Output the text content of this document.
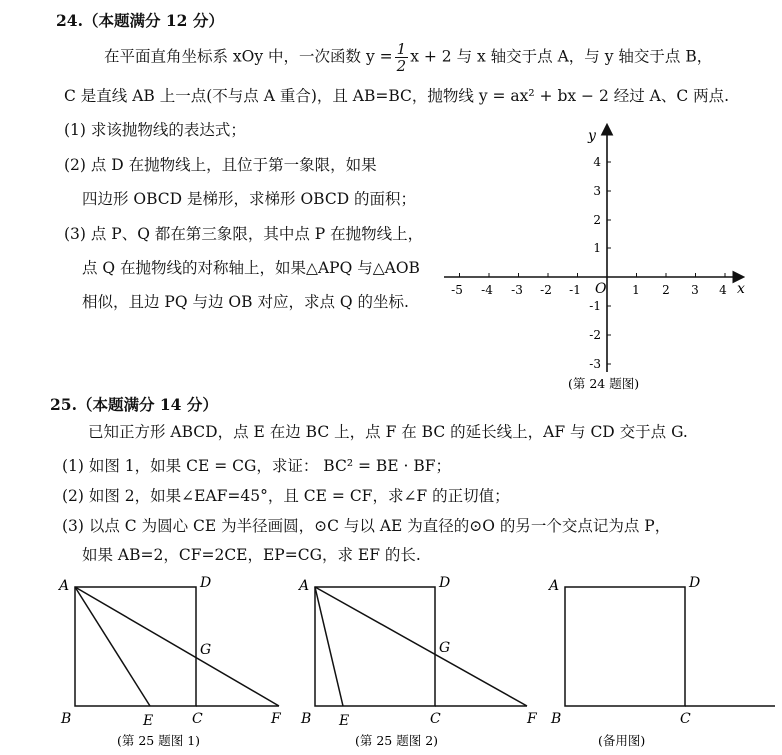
24.（本题满分 12 分）
在平面直角坐标系 xOy 中，一次函数 $y = \frac{1}{2}$ x + 2 与 x 轴交于点 A，与 y 轴交于点 B，
C 是直线 AB 上一点(不与点 A 重合)，且 AB=BC，抛物线 y = ax² + bx − 2 经过 A、C 两点.
(1) 求该抛物线的表达式；
(2) 点 D 在抛物线上，且位于第一象限，如果
四边形 OBCD 是梯形，求梯形 OBCD 的面积；
(3) 点 P、Q 都在第三象限，其中点 P 在抛物线上，
点 Q 在抛物线的对称轴上，如果△APQ 与△AOB
相似，且边 PQ 与边 OB 对应，求点 Q 的坐标.
-5 -4 -3 -2 -1	1 2 3 4
4
3
2
1
-1
-2
-3
O	x
y
(第 24 题图)
25.（本题满分 14 分）
已知正方形 ABCD，点 E 在边 BC 上，点 F 在 BC 的延长线上，AF 与 CD 交于点 G.
(1) 如图 1，如果 CE = CG，求证： BC² = BE · BF；
(2) 如图 2，如果∠EAF=45°，且 CE = CF，求∠F 的正切值；
(3) 以点 C 为圆心 CE 为半径画圆，⊙C 与以 AE 为直径的⊙O 的另一个交点记为点 P，
如果 AB=2，CF=2CE，EP=CG，求 EF 的长.
A	D
B	C
E	F
G
(第 25 题图 1)
A	D
B	C
E	F
G
(第 25 题图 2)
A	D
B	C
(备用图)
